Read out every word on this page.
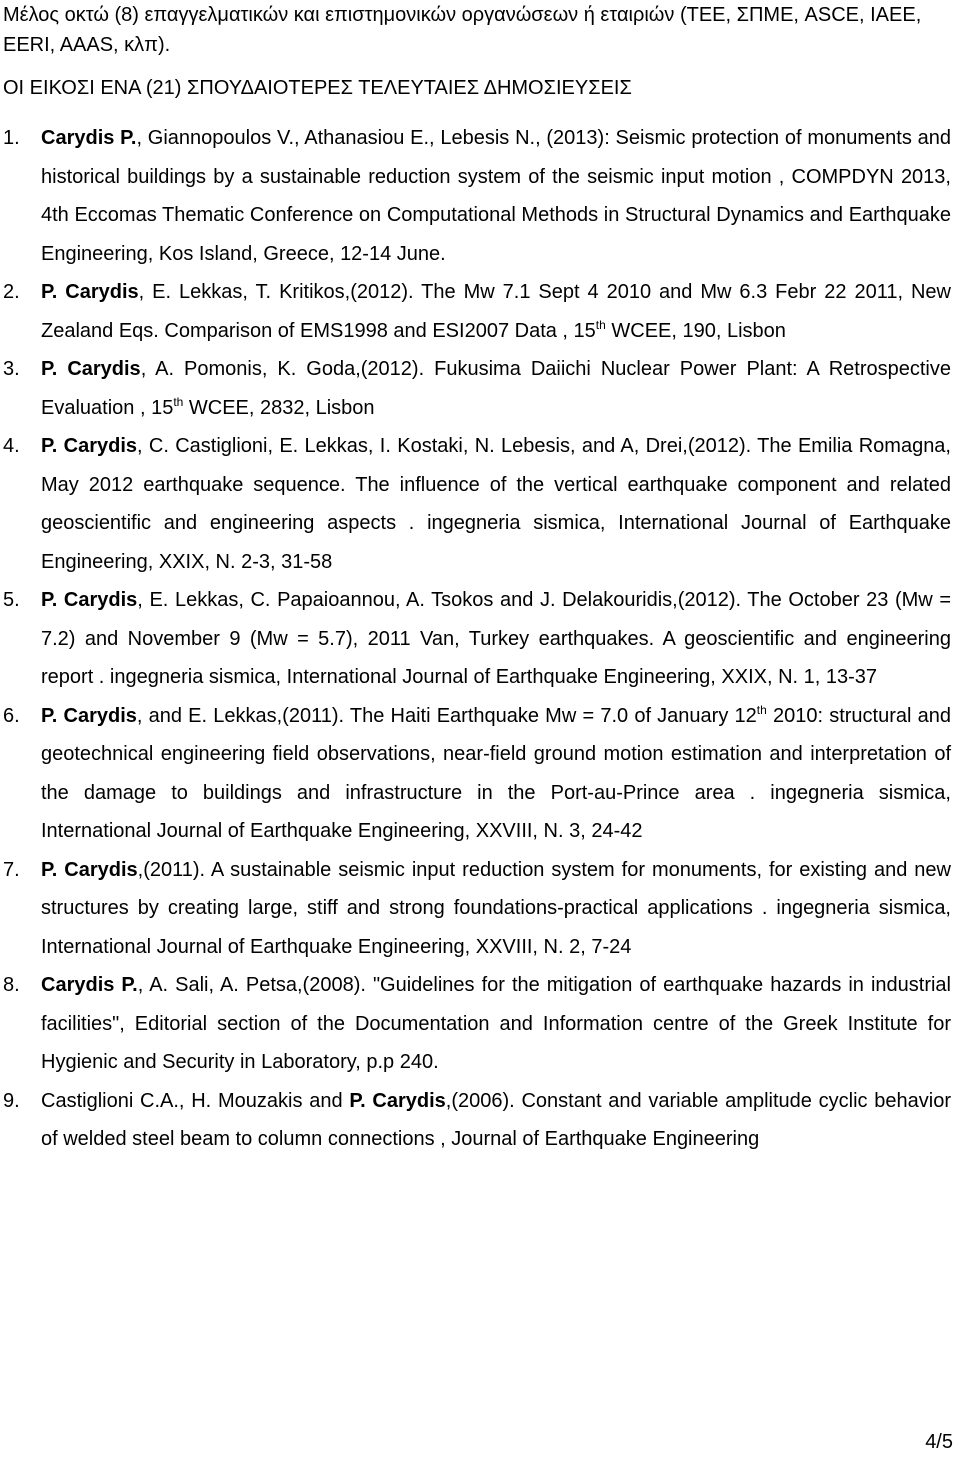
Μέλος οκτώ (8) επαγγελματικών και επιστημονικών οργανώσεων ή εταιριών (ΤΕΕ, ΣΠΜΕ, ASCE, IAEE, EERI, AAAS, κλπ).

ΟΙ ΕΙΚΟΣΙ ΕΝΑ (21) ΣΠΟΥΔΑΙΟΤΕΡΕΣ ΤΕΛΕΥΤΑΙΕΣ ΔΗΜΟΣΙΕΥΣΕΙΣ

1. Carydis P., Giannopoulos V., Athanasiou E., Lebesis N., (2013): Seismic protection of monuments and historical buildings by a sustainable reduction system of the seismic input motion , COMPDYN 2013, 4th Eccomas Thematic Conference on Computational Methods in Structural Dynamics and Earthquake Engineering, Kos Island, Greece, 12-14 June.
2. P. Carydis, E. Lekkas, T. Kritikos,(2012). The Mw 7.1 Sept 4 2010 and Mw 6.3 Febr 22 2011, New Zealand Eqs. Comparison of EMS1998 and ESI2007 Data , 15th WCEE, 190, Lisbon
3. P. Carydis, A. Pomonis, K. Goda,(2012). Fukusima Daiichi Nuclear Power Plant: A Retrospective Evaluation , 15th WCEE, 2832, Lisbon
4. P. Carydis, C. Castiglioni, E. Lekkas, I. Kostaki, N. Lebesis, and A, Drei,(2012). The Emilia Romagna, May 2012 earthquake sequence. The influence of the vertical earthquake component and related geoscientific and engineering aspects . ingegneria sismica, International Journal of Earthquake Engineering, XXIX, N. 2-3, 31-58
5. P. Carydis, E. Lekkas, C. Papaioannou, A. Tsokos and J. Delakouridis,(2012). The October 23 (Mw = 7.2) and November 9 (Mw = 5.7), 2011 Van, Turkey earthquakes. A geoscientific and engineering report . ingegneria sismica, International Journal of Earthquake Engineering, XXIX, N. 1, 13-37
6. P. Carydis, and E. Lekkas,(2011). The Haiti Earthquake Mw = 7.0 of January 12th 2010: structural and geotechnical engineering field observations, near-field ground motion estimation and interpretation of the damage to buildings and infrastructure in the Port-au-Prince area . ingegneria sismica, International Journal of Earthquake Engineering, XXVIII, N. 3, 24-42
7. P. Carydis,(2011). A sustainable seismic input reduction system for monuments, for existing and new structures by creating large, stiff and strong foundations-practical applications . ingegneria sismica, International Journal of Earthquake Engineering, XXVIII, N. 2, 7-24
8. Carydis P., A. Sali, A. Petsa,(2008). "Guidelines for the mitigation of earthquake hazards in industrial facilities", Editorial section of the Documentation and Information centre of the Greek Institute for Hygienic and Security in Laboratory, p.p 240.
9. Castiglioni C.A., H. Mouzakis and P. Carydis,(2006). Constant and variable amplitude cyclic behavior of welded steel beam to column connections , Journal of Earthquake Engineering
4/5
